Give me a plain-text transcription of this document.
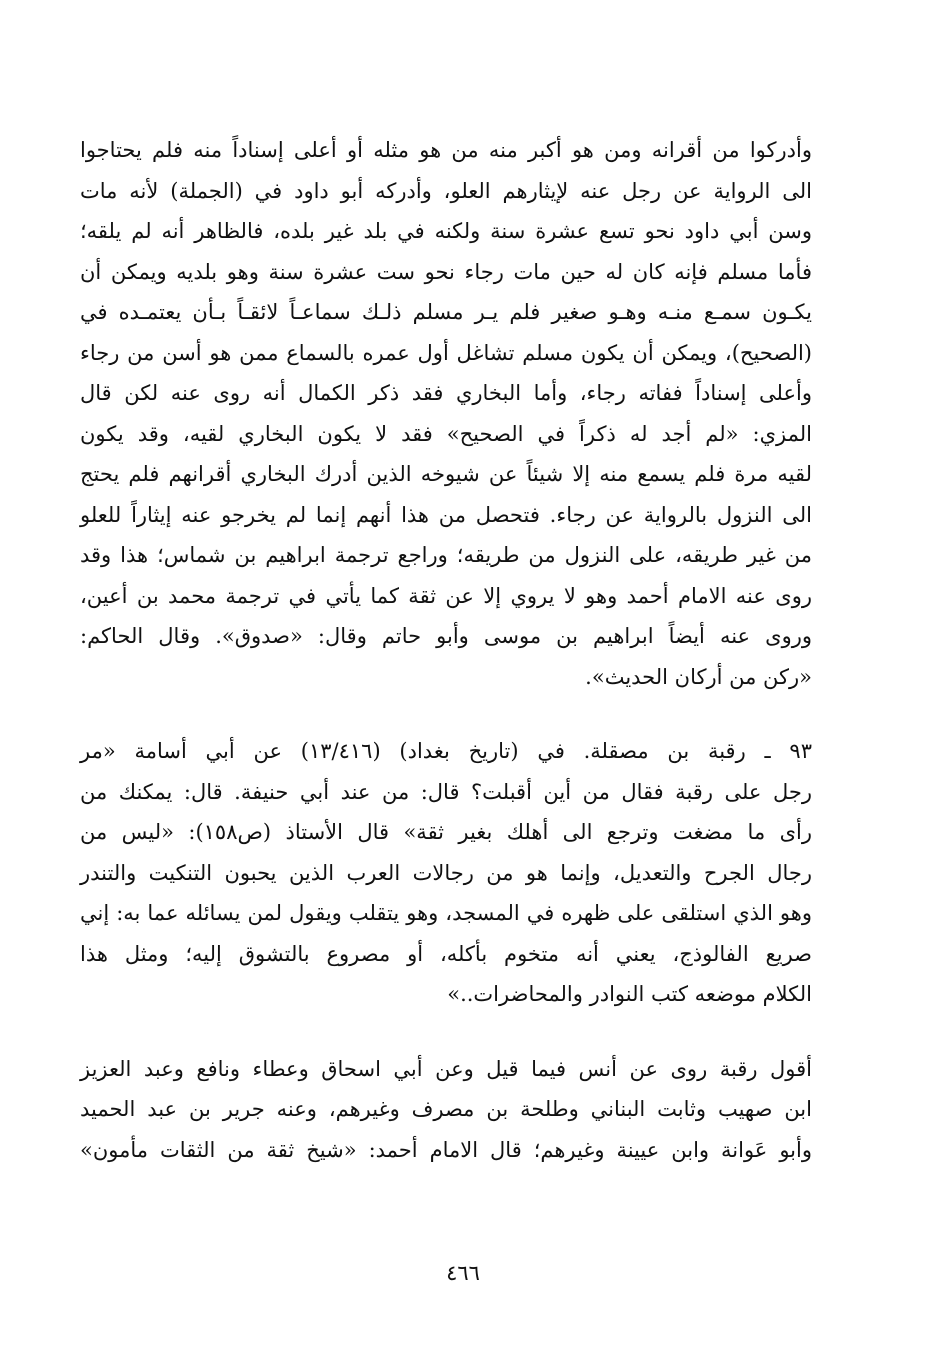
وأدركوا من أقرانه ومن هو أكبر منه من هو مثله أو أعلى إسناداً منه فلم يحتاجوا
الى الرواية عن رجل عنه لإيثارهم العلو، وأدركه أبو داود في (الجملة) لأنه مات
وسن أبي داود نحو تسع عشرة سنة ولكنه في بلد غير بلده، فالظاهر أنه لم يلقه؛
فأما مسلم فإنه كان له حين مات رجاء نحو ست عشرة سنة وهو بلديه ويمكن أن
يكـون سمـع منـه وهـو صغير فلم يـر مسلم ذلـك سماعـاً لائقـاً بـأن يعتمـده في
(الصحيح)، ويمكن أن يكون مسلم تشاغل أول عمره بالسماع ممن هو أسن من رجاء
وأعلى إسناداً ففاته رجاء، وأما البخاري فقد ذكر الكمال أنه روى عنه لكن قال
المزي: «لم أجد له ذكراً في الصحيح» فقد لا يكون البخاري لقيه، وقد يكون
لقيه مرة فلم يسمع منه إلا شيئاً عن شيوخه الذين أدرك البخاري أقرانهم فلم يحتج
الى النزول بالرواية عن رجاء. فتحصل من هذا أنهم إنما لم يخرجو عنه إيثاراً للعلو
من غير طريقه، على النزول من طريقه؛ وراجع ترجمة ابراهيم بن شماس؛ هذا وقد
روى عنه الامام أحمد وهو لا يروي إلا عن ثقة كما يأتي في ترجمة محمد بن أعين،
وروى عنه أيضاً ابراهيم بن موسى وأبو حاتم وقال: «صدوق». وقال الحاكم:
«ركن من أركان الحديث».
٩٣ ـ رقبة بن مصقلة. في (تاريخ بغداد) (١٣/٤١٦) عن أبي أسامة «مر
رجل على رقبة فقال من أين أقبلت؟ قال: من عند أبي حنيفة. قال: يمكنك من
رأى ما مضغت وترجع الى أهلك بغير ثقة» قال الأستاذ (ص١٥٨): «ليس من
رجال الجرح والتعديل، وإنما هو من رجالات العرب الذين يحبون التنكيت والتندر
وهو الذي استلقى على ظهره في المسجد، وهو يتقلب ويقول لمن يسائله عما به: إني
صريع الفالوذج، يعني أنه متخوم بأكله، أو مصروع بالتشوق إليه؛ ومثل هذا
الكلام موضعه كتب النوادر والمحاضرات..»
أقول رقبة روى عن أنس فيما قيل وعن أبي اسحاق وعطاء ونافع وعبد العزيز
ابن صهيب وثابت البناني وطلحة بن مصرف وغيرهم، وعنه جرير بن عبد الحميد
وأبو عَوانة وابن عيينة وغيرهم؛ قال الامام أحمد: «شيخ ثقة من الثقات مأمون»
٤٦٦
